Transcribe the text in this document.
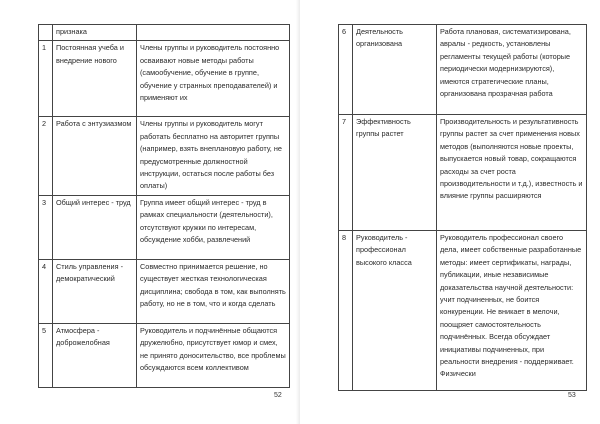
	признака	
1	Постоянная учеба и внедрение нового	Члены группы и руководитель постоянно осваивают новые методы работы (самообучение, обучение в группе, обучение у странных преподавателей) и применяют их
2	Работа с энтузиазмом	Члены группы и руководитель могут работать бесплатно на авторитет группы (например, взять внеплановую работу, не предусмотренные должностной инструкции, остаться после работы без оплаты)
3	Общий интерес - труд	Группа имеет общий интерес - труд в рамках специальности (деятельности), отсутствуют кружки по интересам, обсуждение хобби, развлечений
4	Стиль управления - демократический	Совместно принимается решение, но существует жесткая технологическая дисциплина; свобода в том, как выполнять работу, но не в том, что и когда сделать
5	Атмосфера - доброжелобная	Руководитель и подчинённые общаются дружелюбно, присутствует юмор и смех, не принято доносительство, все проблемы обсуждаются всем коллективом
52	53
6	Деятельность организована	Работа плановая, систематизирована, авралы - редкость, установлены регламенты текущей работы (которые периодически модернизируются), имеются стратегические планы, организована прозрачная работа
7	Эффективность группы растет	Производительность и результативность группы растет за счет применения новых методов (выполняются новые проекты, выпускается новый товар, сокращаются расходы за счет роста производительности и т.д.), известность и влияние группы расширяются
8	Руководитель - профессионал высокого класса	Руководитель профессионал своего дела, имеет собственные разработанные методы: имеет сертификаты, награды, публикации, иные независимые доказательства научной деятельности: учит подчиненных, не боится конкуренции. Не вникает в мелочи, поощряет самостоятельность подчинённых. Всегда обсуждает инициативы подчиненных, при реальности внедрения - поддерживает. Физически
